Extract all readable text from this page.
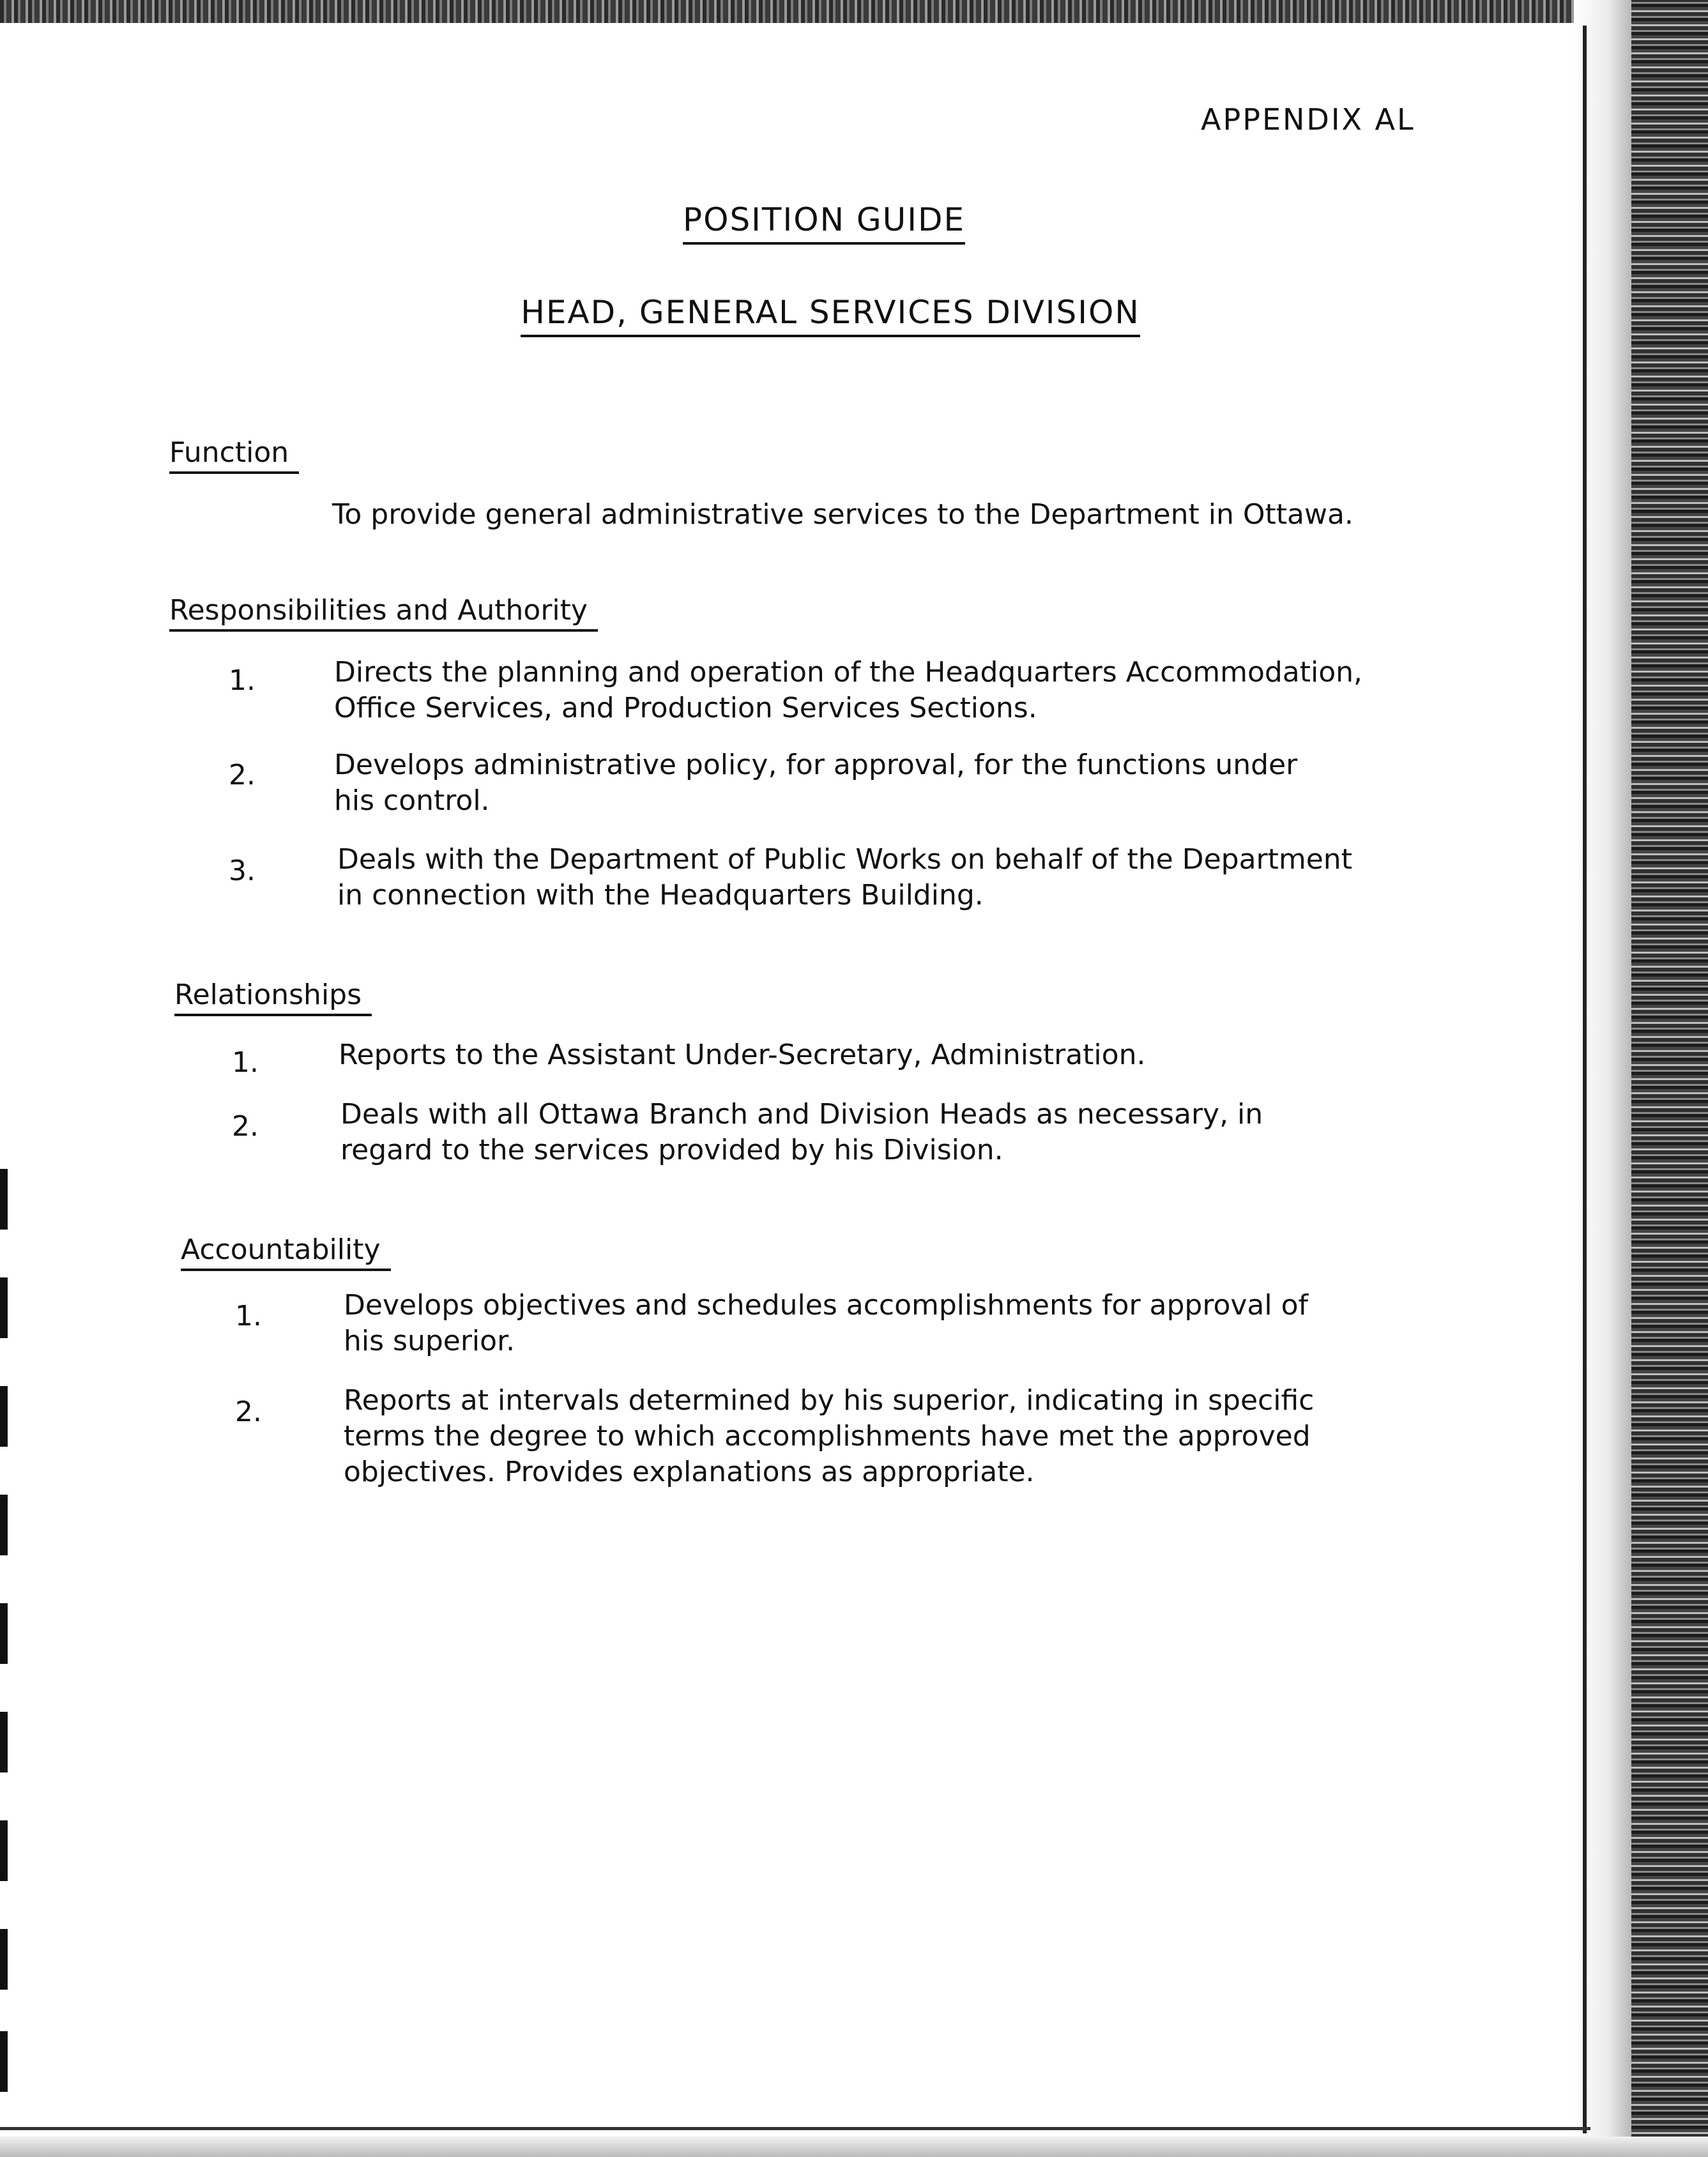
APPENDIX AL
POSITION GUIDE
HEAD, GENERAL SERVICES DIVISION
Function
To provide general administrative services to the Department in Ottawa.
Responsibilities and Authority
1.	Directs the planning and operation of the Headquarters Accommodation,
Office Services, and Production Services Sections.
2.	Develops administrative policy, for approval, for the functions under
his control.
3.	Deals with the Department of Public Works on behalf of the Department
in connection with the Headquarters Building.
Relationships
1.	Reports to the Assistant Under-Secretary, Administration.
2.	Deals with all Ottawa Branch and Division Heads as necessary, in
regard to the services provided by his Division.
Accountability
1.	Develops objectives and schedules accomplishments for approval of
his superior.
2.	Reports at intervals determined by his superior, indicating in specific
terms the degree to which accomplishments have met the approved
objectives. Provides explanations as appropriate.
